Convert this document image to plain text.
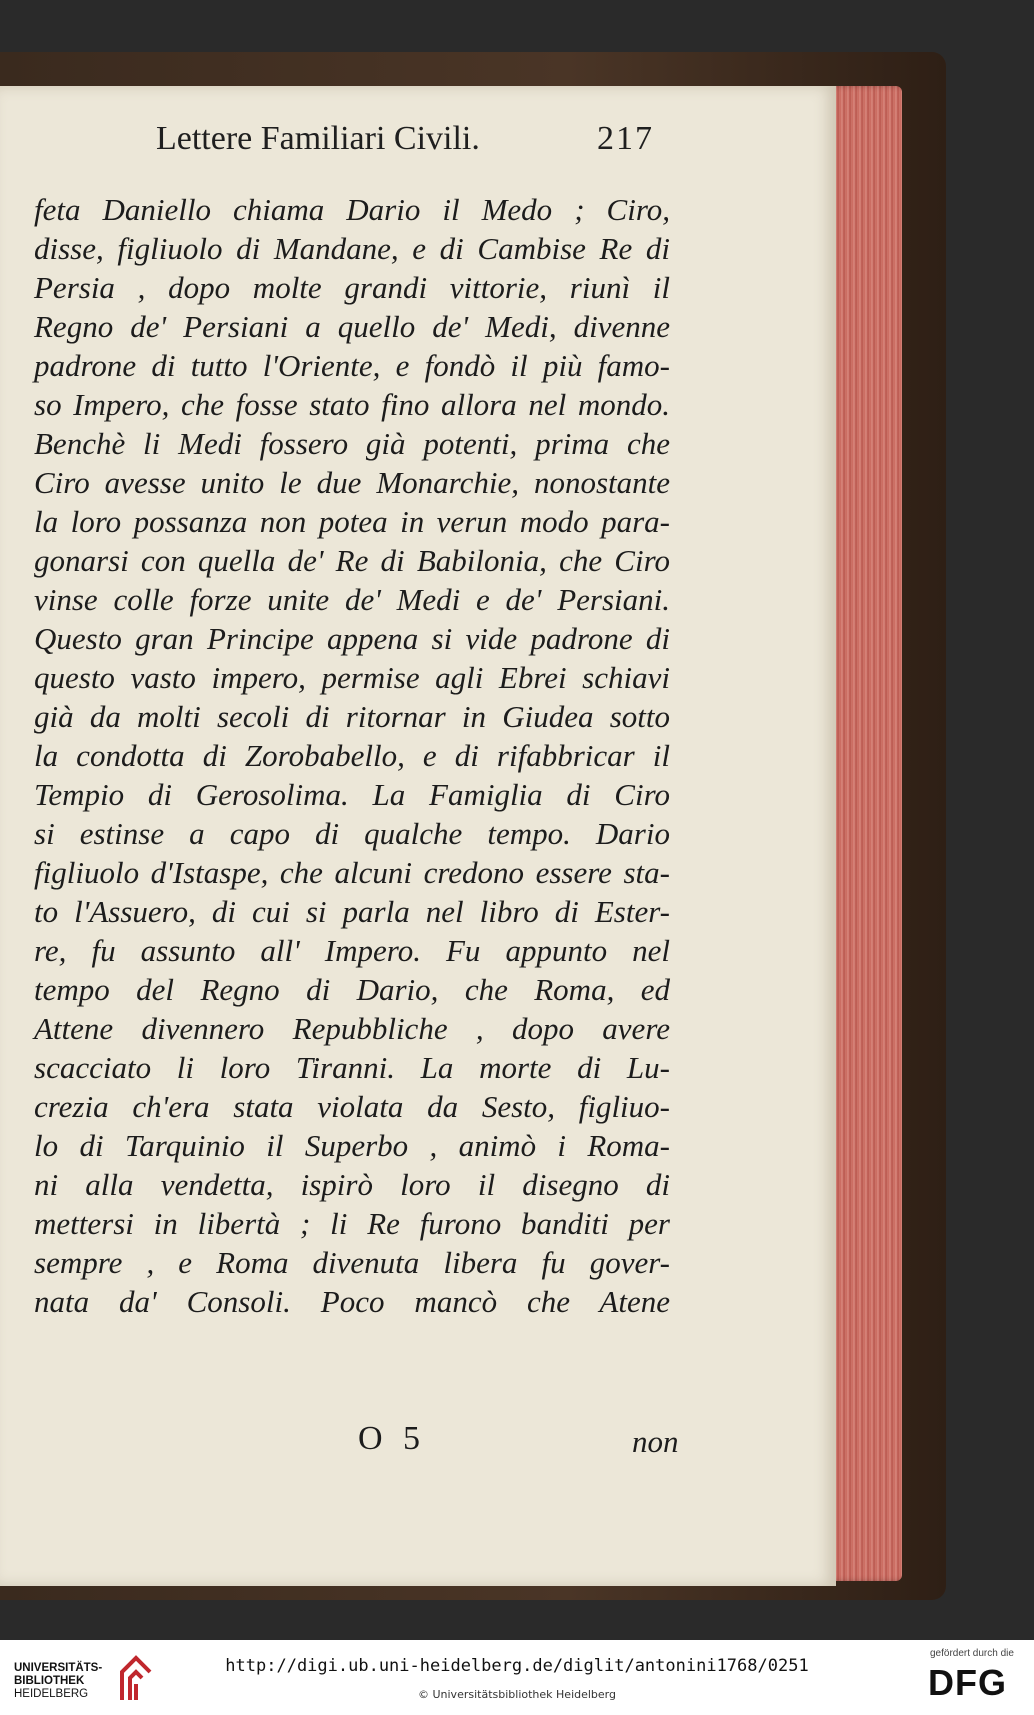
Lettere Familiari Civili.	217
feta Daniello chiama Dario il Medo ; Ciro,
disse, figliuolo di Mandane, e di Cambise Re di
Persia , dopo molte grandi vittorie, riunì il
Regno de' Persiani a quello de' Medi, divenne
padrone di tutto l'Oriente, e fondò il più famo-
so Impero, che fosse stato fino allora nel mondo.
Benchè li Medi fossero già potenti, prima che
Ciro avesse unito le due Monarchie, nonostante
la loro possanza non potea in verun modo para-
gonarsi con quella de' Re di Babilonia, che Ciro
vinse colle forze unite de' Medi e de' Persiani.
Questo gran Principe appena si vide padrone di
questo vasto impero, permise agli Ebrei schiavi
già da molti secoli di ritornar in Giudea sotto
la condotta di Zorobabello, e di rifabbricar il
Tempio di Gerosolima. La Famiglia di Ciro
si estinse a capo di qualche tempo. Dario
figliuolo d'Istaspe, che alcuni credono essere sta-
to l'Assuero, di cui si parla nel libro di Ester-
re, fu assunto all' Impero. Fu appunto nel
tempo del Regno di Dario, che Roma, ed
Attene divennero Repubbliche , dopo avere
scacciato li loro Tiranni. La morte di Lu-
crezia ch'era stata violata da Sesto, figliuo-
lo di Tarquinio il Superbo , animò i Roma-
ni alla vendetta, ispirò loro il disegno di
mettersi in libertà ; li Re furono banditi per
sempre , e Roma divenuta libera fu gover-
nata da' Consoli. Poco mancò che Atene
O 5	non
UNIVERSITÄTS-
BIBLIOTHEK
HEIDELBERG
http://digi.ub.uni-heidelberg.de/diglit/antonini1768/0251
© Universitätsbibliothek Heidelberg
gefördert durch die
DFG
